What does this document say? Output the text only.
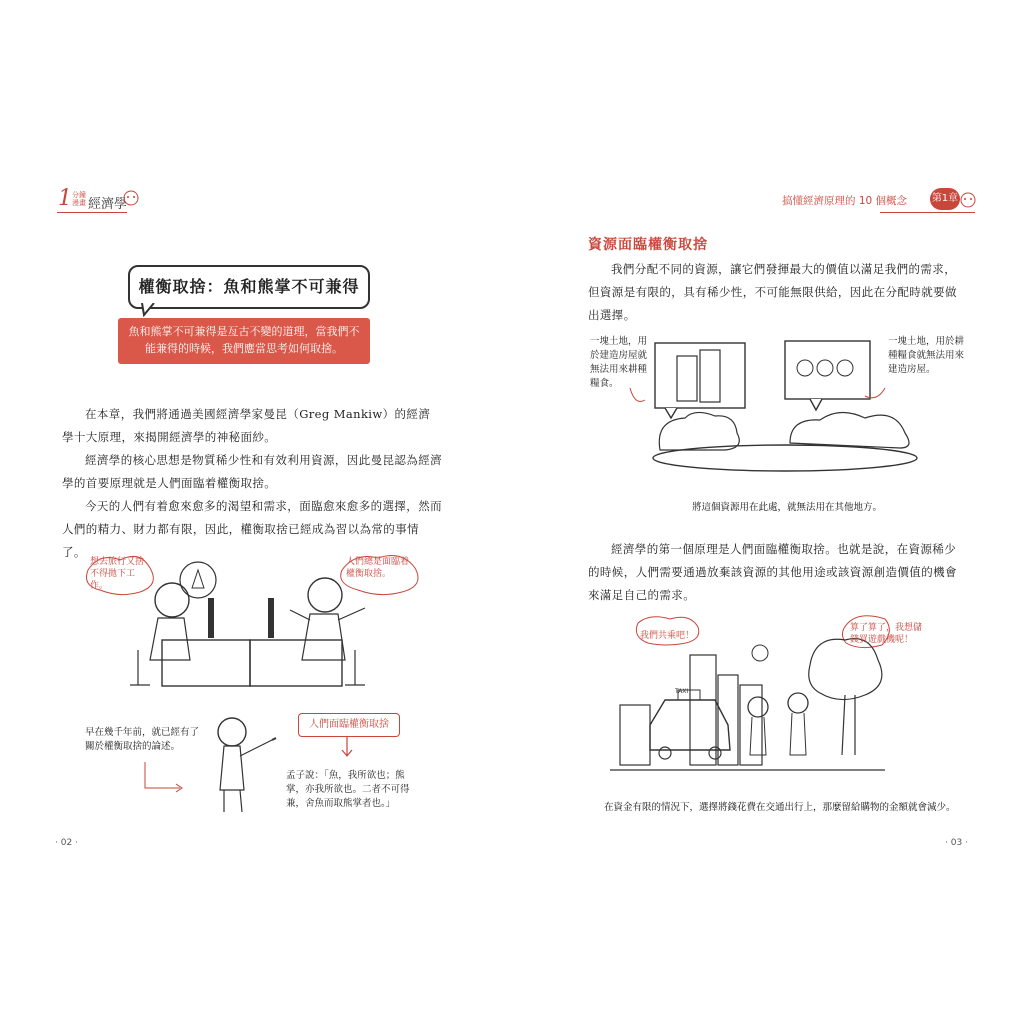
1 分鐘 漫畫 經濟學	搞懂經濟原理的 10 個概念 第1章
權衡取捨：魚和熊掌不可兼得
魚和熊掌不可兼得是亙古不變的道理，當我們不能兼得的時候，我們應當思考如何取捨。

在本章，我們將通過美國經濟學家曼昆（Greg Mankiw）的經濟學十大原理，來揭開經濟學的神秘面紗。

經濟學的核心思想是物質稀少性和有效利用資源，因此曼昆認為經濟學的首要原理就是人們面臨着權衡取捨。

今天的人們有着愈來愈多的渴望和需求，面臨愈來愈多的選擇，然而人們的精力、財力都有限，因此，權衡取捨已經成為習以為常的事情了。

想去旅行又捨不得拋下工作。
人們總是面臨着權衡取捨。
早在幾千年前，就已經有了關於權衡取捨的論述。
人們面臨權衡取捨
孟子說：「魚，我所欲也；熊掌，亦我所欲也。二者不可得兼，舍魚而取熊掌者也。」
· 02 ·
資源面臨權衡取捨

我們分配不同的資源，讓它們發揮最大的價值以滿足我們的需求，但資源是有限的，具有稀少性，不可能無限供給，因此在分配時就要做出選擇。

一塊土地，用於建造房屋就無法用來耕種糧食。
一塊土地，用於耕種糧食就無法用來建造房屋。
將這個資源用在此處，就無法用在其他地方。

經濟學的第一個原理是人們面臨權衡取捨。也就是說，在資源稀少的時候，人們需要通過放棄該資源的其他用途或該資源創造價值的機會來滿足自己的需求。

TAXI
我們共乘吧！
算了算了，我想儲錢買遊戲機呢！
在資金有限的情況下，選擇將錢花費在交通出行上，那麼留給購物的金額就會減少。
· 03 ·
